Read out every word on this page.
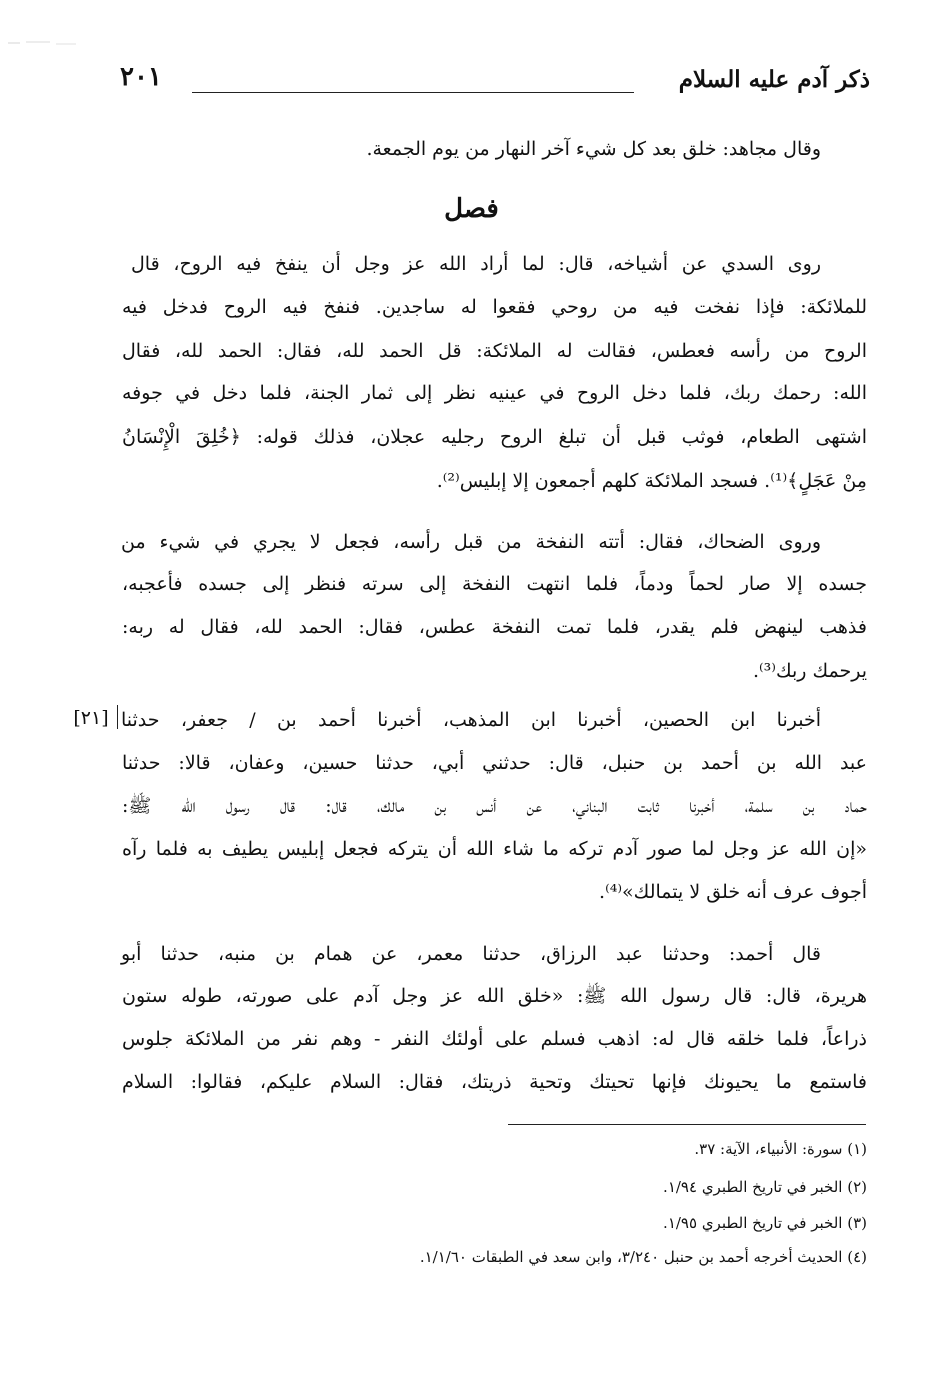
ذكر آدم عليه السلام
٢٠١
وقال مجاهد: خلق بعد كل شيء آخر النهار من يوم الجمعة.
فصل
روى السدي عن أشياخه، قال: لما أراد الله عز وجل أن ينفخ فيه الروح، قال
للملائكة: فإذا نفخت فيه من روحي فقعوا له ساجدين. فنفخ فيه الروح فدخل فيه
الروح من رأسه فعطس، فقالت له الملائكة: قل الحمد لله، فقال: الحمد لله، فقال
الله: رحمك ربك، فلما دخل الروح في عينيه نظر إلى ثمار الجنة، فلما دخل في جوفه
اشتهى الطعام، فوثب قبل أن تبلغ الروح رجليه عجلان، فذلك قوله: ﴿خُلِقَ الْإِنْسَانُ
مِنْ عَجَلٍ﴾⁽¹⁾. فسجد الملائكة كلهم أجمعون إلا إبليس⁽²⁾.
وروى الضحاك، فقال: أتته النفخة من قبل رأسه، فجعل لا يجري في شيء من
جسده إلا صار لحماً ودماً، فلما انتهت النفخة إلى سرته فنظر إلى جسده فأعجبه،
فذهب لينهض فلم يقدر، فلما تمت النفخة عطس، فقال: الحمد لله، فقال له ربه:
يرحمك ربك⁽³⁾.
[٢١] أخبرنا ابن الحصين، أخبرنا ابن المذهب، أخبرنا أحمد بن / جعفر، حدثنا
عبد الله بن أحمد بن حنبل، قال: حدثني أبي، حدثنا حسين، وعفان، قالا: حدثنا
حماد بن سلمة، أخبرنا ثابت البناني، عن أنس بن مالك، قال: قال رسول الله ﷺ:
«إن الله عز وجل لما صور آدم تركه ما شاء الله أن يتركه فجعل إبليس يطيف به فلما رآه
أجوف عرف أنه خلق لا يتمالك»⁽⁴⁾.
قال أحمد: وحدثنا عبد الرزاق، حدثنا معمر، عن همام بن منبه، حدثنا أبو
هريرة، قال: قال رسول الله ﷺ: «خلق الله عز وجل آدم على صورته، طوله ستون
ذراعاً، فلما خلقه قال له: اذهب فسلم على أولئك النفر - وهم نفر من الملائكة جلوس
فاستمع ما يحيونك فإنها تحيتك وتحية ذريتك، فقال: السلام عليكم، فقالوا: السلام
(١) سورة: الأنبياء، الآية: ٣٧.
(٢) الخبر في تاريخ الطبري ١/٩٤.
(٣) الخبر في تاريخ الطبري ١/٩٥.
(٤) الحديث أخرجه أحمد بن حنبل ٣/٢٤٠، وابن سعد في الطبقات ١/١/٦٠.
